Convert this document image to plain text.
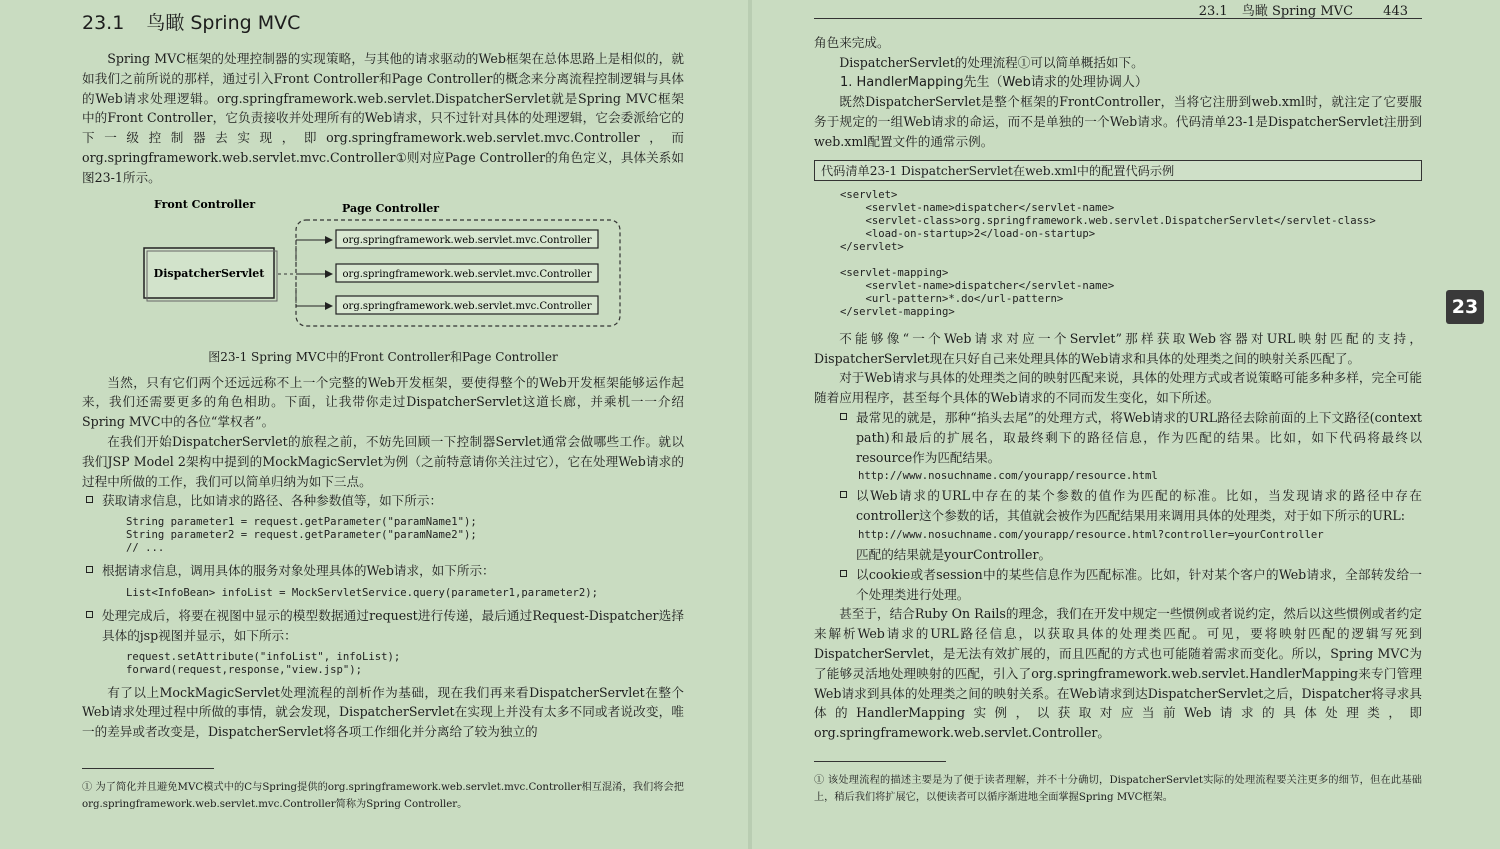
23.1 鸟瞰 Spring MVC

Spring MVC框架的处理控制器的实现策略，与其他的请求驱动的Web框架在总体思路上是相似的，就如我们之前所说的那样，通过引入Front Controller和Page Controller的概念来分离流程控制逻辑与具体的Web请求处理逻辑。org.springframework.web.servlet.DispatcherServlet就是Spring MVC框架中的Front Controller，它负责接收并处理所有的Web请求，只不过针对具体的处理逻辑，它会委派给它的下一级控制器去实现，即org.springframework.web.servlet.mvc.Controller，而org.springframework.web.servlet.mvc.Controller①则对应Page Controller的角色定义，具体关系如图23-1所示。

Front Controller	Page Controller
DispatcherServlet
org.springframework.web.servlet.mvc.Controller
org.springframework.web.servlet.mvc.Controller
org.springframework.web.servlet.mvc.Controller
图23-1 Spring MVC中的Front Controller和Page Controller

当然，只有它们两个还远远称不上一个完整的Web开发框架，要使得整个的Web开发框架能够运作起来，我们还需要更多的角色相助。下面，让我带你走过DispatcherServlet这道长廊，并乘机一一介绍Spring MVC中的各位“掌权者”。

在我们开始DispatcherServlet的旅程之前，不妨先回顾一下控制器Servlet通常会做哪些工作。就以我们JSP Model 2架构中提到的MockMagicServlet为例（之前特意请你关注过它），它在处理Web请求的过程中所做的工作，我们可以简单归纳为如下三点。

获取请求信息，比如请求的路径、各种参数值等，如下所示：

String parameter1 = request.getParameter("paramName1");
String parameter2 = request.getParameter("paramName2");
// ...

根据请求信息，调用具体的服务对象处理具体的Web请求，如下所示：

List<InfoBean> infoList = MockServletService.query(parameter1,parameter2);

处理完成后，将要在视图中显示的模型数据通过request进行传递，最后通过Request-Dispatcher选择具体的jsp视图并显示，如下所示：

request.setAttribute("infoList", infoList);
forward(request,response,"view.jsp");

有了以上MockMagicServlet处理流程的剖析作为基础，现在我们再来看DispatcherServlet在整个Web请求处理过程中所做的事情，就会发现，DispatcherServlet在实现上并没有太多不同或者说改变，唯一的差异或者改变是，DispatcherServlet将各项工作细化并分离给了较为独立的

① 为了简化并且避免MVC模式中的C与Spring提供的org.springframework.web.servlet.mvc.Controller相互混淆，我们将会把org.springframework.web.servlet.mvc.Controller简称为Spring Controller。

23.1 鸟瞰 Spring MVC 443

角色来完成。

DispatcherServlet的处理流程①可以简单概括如下。

1. HandlerMapping先生（Web请求的处理协调人）

既然DispatcherServlet是整个框架的FrontController，当将它注册到web.xml时，就注定了它要服务于规定的一组Web请求的命运，而不是单独的一个Web请求。代码清单23-1是DispatcherServlet注册到web.xml配置文件的通常示例。

代码清单23-1 DispatcherServlet在web.xml中的配置代码示例
<servlet>
<servlet-name>dispatcher</servlet-name>
<servlet-class>org.springframework.web.servlet.DispatcherServlet</servlet-class>
<load-on-startup>2</load-on-startup>
</servlet>

<servlet-mapping>
<servlet-name>dispatcher</servlet-name>
<url-pattern>*.do</url-pattern>
</servlet-mapping>

不能够像“一个Web请求对应一个Servlet”那样获取Web容器对URL映射匹配的支持，DispatcherServlet现在只好自己来处理具体的Web请求和具体的处理类之间的映射关系匹配了。

对于Web请求与具体的处理类之间的映射匹配来说，具体的处理方式或者说策略可能多种多样，完全可能随着应用程序，甚至每个具体的Web请求的不同而发生变化，如下所述。

最常见的就是，那种“掐头去尾”的处理方式，将Web请求的URL路径去除前面的上下文路径(context path)和最后的扩展名，取最终剩下的路径信息，作为匹配的结果。比如，如下代码将最终以resource作为匹配结果。

http://www.nosuchname.com/yourapp/resource.html

以Web请求的URL中存在的某个参数的值作为匹配的标准。比如，当发现请求的路径中存在controller这个参数的话，其值就会被作为匹配结果用来调用具体的处理类，对于如下所示的URL:

http://www.nosuchname.com/yourapp/resource.html?controller=yourController

匹配的结果就是yourController。

以cookie或者session中的某些信息作为匹配标准。比如，针对某个客户的Web请求，全部转发给一个处理类进行处理。

甚至于，结合Ruby On Rails的理念，我们在开发中规定一些惯例或者说约定，然后以这些惯例或者约定来解析Web请求的URL路径信息，以获取具体的处理类匹配。可见，要将映射匹配的逻辑写死到DispatcherServlet，是无法有效扩展的，而且匹配的方式也可能随着需求而变化。所以，Spring MVC为了能够灵活地处理映射的匹配，引入了org.springframework.web.servlet.HandlerMapping来专门管理Web请求到具体的处理类之间的映射关系。在Web请求到达DispatcherServlet之后，Dispatcher将寻求具体的HandlerMapping实例，以获取对应当前Web请求的具体处理类，即org.springframework.web.servlet.Controller。

① 该处理流程的描述主要是为了便于读者理解，并不十分确切，DispatcherServlet实际的处理流程要关注更多的细节，但在此基础上，稍后我们将扩展它，以便读者可以循序渐进地全面掌握Spring MVC框架。

23
